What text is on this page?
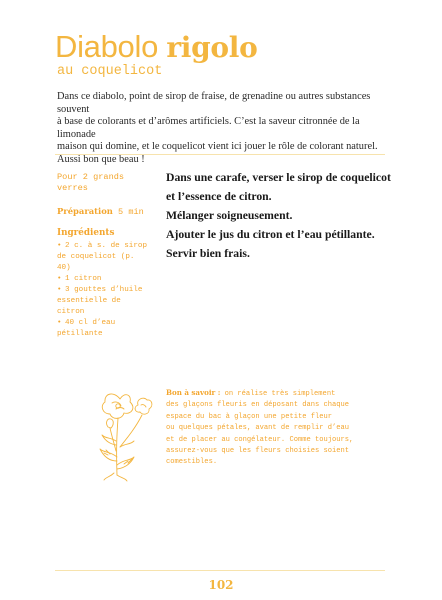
Diabolo rigolo
au coquelicot
Dans ce diabolo, point de sirop de fraise, de grenadine ou autres substances souvent
à base de colorants et d’arômes artificiels. C’est la saveur citronnée de la limonade
maison qui domine, et le coquelicot vient ici jouer le rôle de colorant naturel.
Aussi bon que beau !
Pour 2 grands verres
Préparation 5 min
Ingrédients
• 2 c. à s. de sirop
de coquelicot (p. 40)
• 1 citron
• 3 gouttes d’huile
essentielle de citron
• 40 cl d’eau pétillante
Dans une carafe, verser le sirop de coquelicot
et l’essence de citron.
Mélanger soigneusement.
Ajouter le jus du citron et l’eau pétillante.
Servir bien frais.
Bon à savoir : on réalise très simplement
des glaçons fleuris en déposant dans chaque
espace du bac à glaçon une petite fleur
ou quelques pétales, avant de remplir d’eau
et de placer au congélateur. Comme toujours,
assurez-vous que les fleurs choisies soient
comestibles.
102
